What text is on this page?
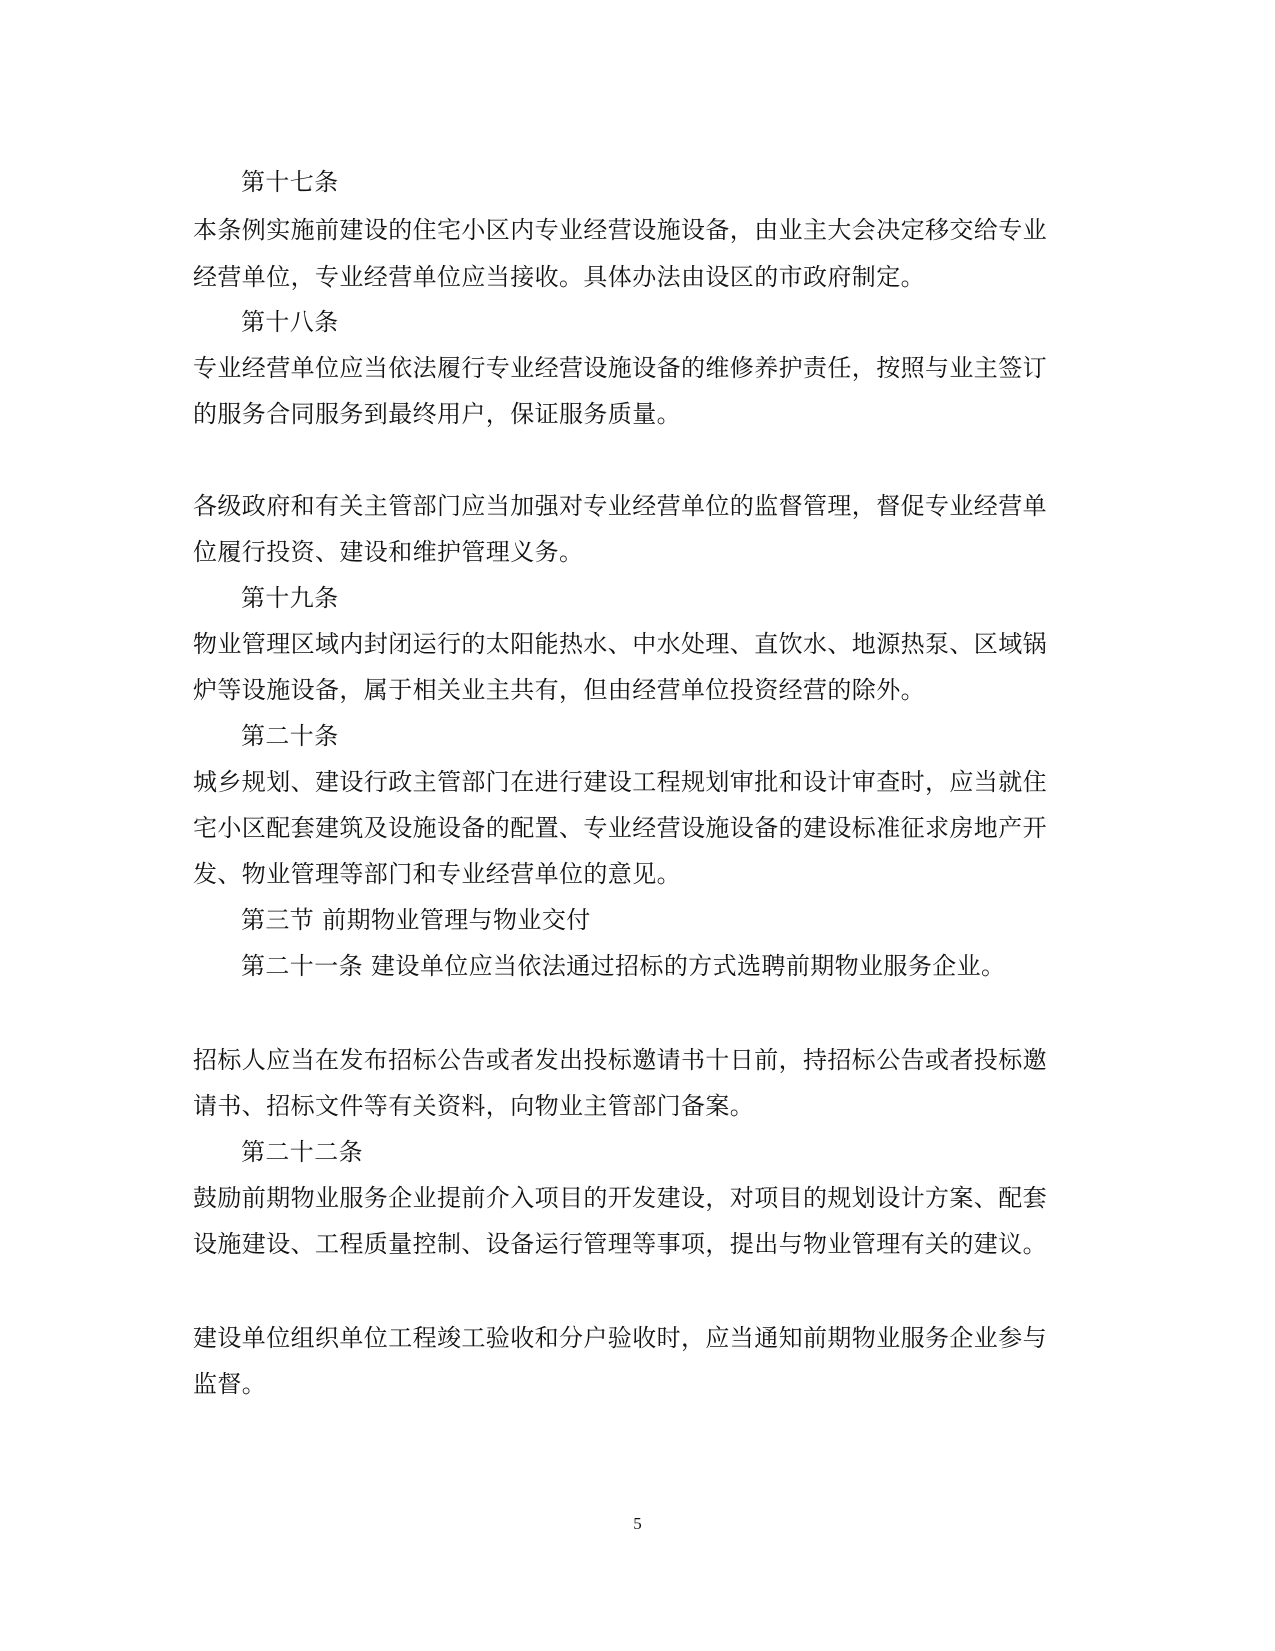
第十七条
本条例实施前建设的住宅小区内专业经营设施设备，由业主大会决定移交给专业
经营单位，专业经营单位应当接收。具体办法由设区的市政府制定。
第十八条
专业经营单位应当依法履行专业经营设施设备的维修养护责任，按照与业主签订
的服务合同服务到最终用户，保证服务质量。
各级政府和有关主管部门应当加强对专业经营单位的监督管理，督促专业经营单
位履行投资、建设和维护管理义务。
第十九条
物业管理区域内封闭运行的太阳能热水、中水处理、直饮水、地源热泵、区域锅
炉等设施设备，属于相关业主共有，但由经营单位投资经营的除外。
第二十条
城乡规划、建设行政主管部门在进行建设工程规划审批和设计审查时，应当就住
宅小区配套建筑及设施设备的配置、专业经营设施设备的建设标准征求房地产开
发、物业管理等部门和专业经营单位的意见。
第三节 前期物业管理与物业交付
第二十一条 建设单位应当依法通过招标的方式选聘前期物业服务企业。
招标人应当在发布招标公告或者发出投标邀请书十日前，持招标公告或者投标邀
请书、招标文件等有关资料，向物业主管部门备案。
第二十二条
鼓励前期物业服务企业提前介入项目的开发建设，对项目的规划设计方案、配套
设施建设、工程质量控制、设备运行管理等事项，提出与物业管理有关的建议。
建设单位组织单位工程竣工验收和分户验收时，应当通知前期物业服务企业参与
监督。
5
